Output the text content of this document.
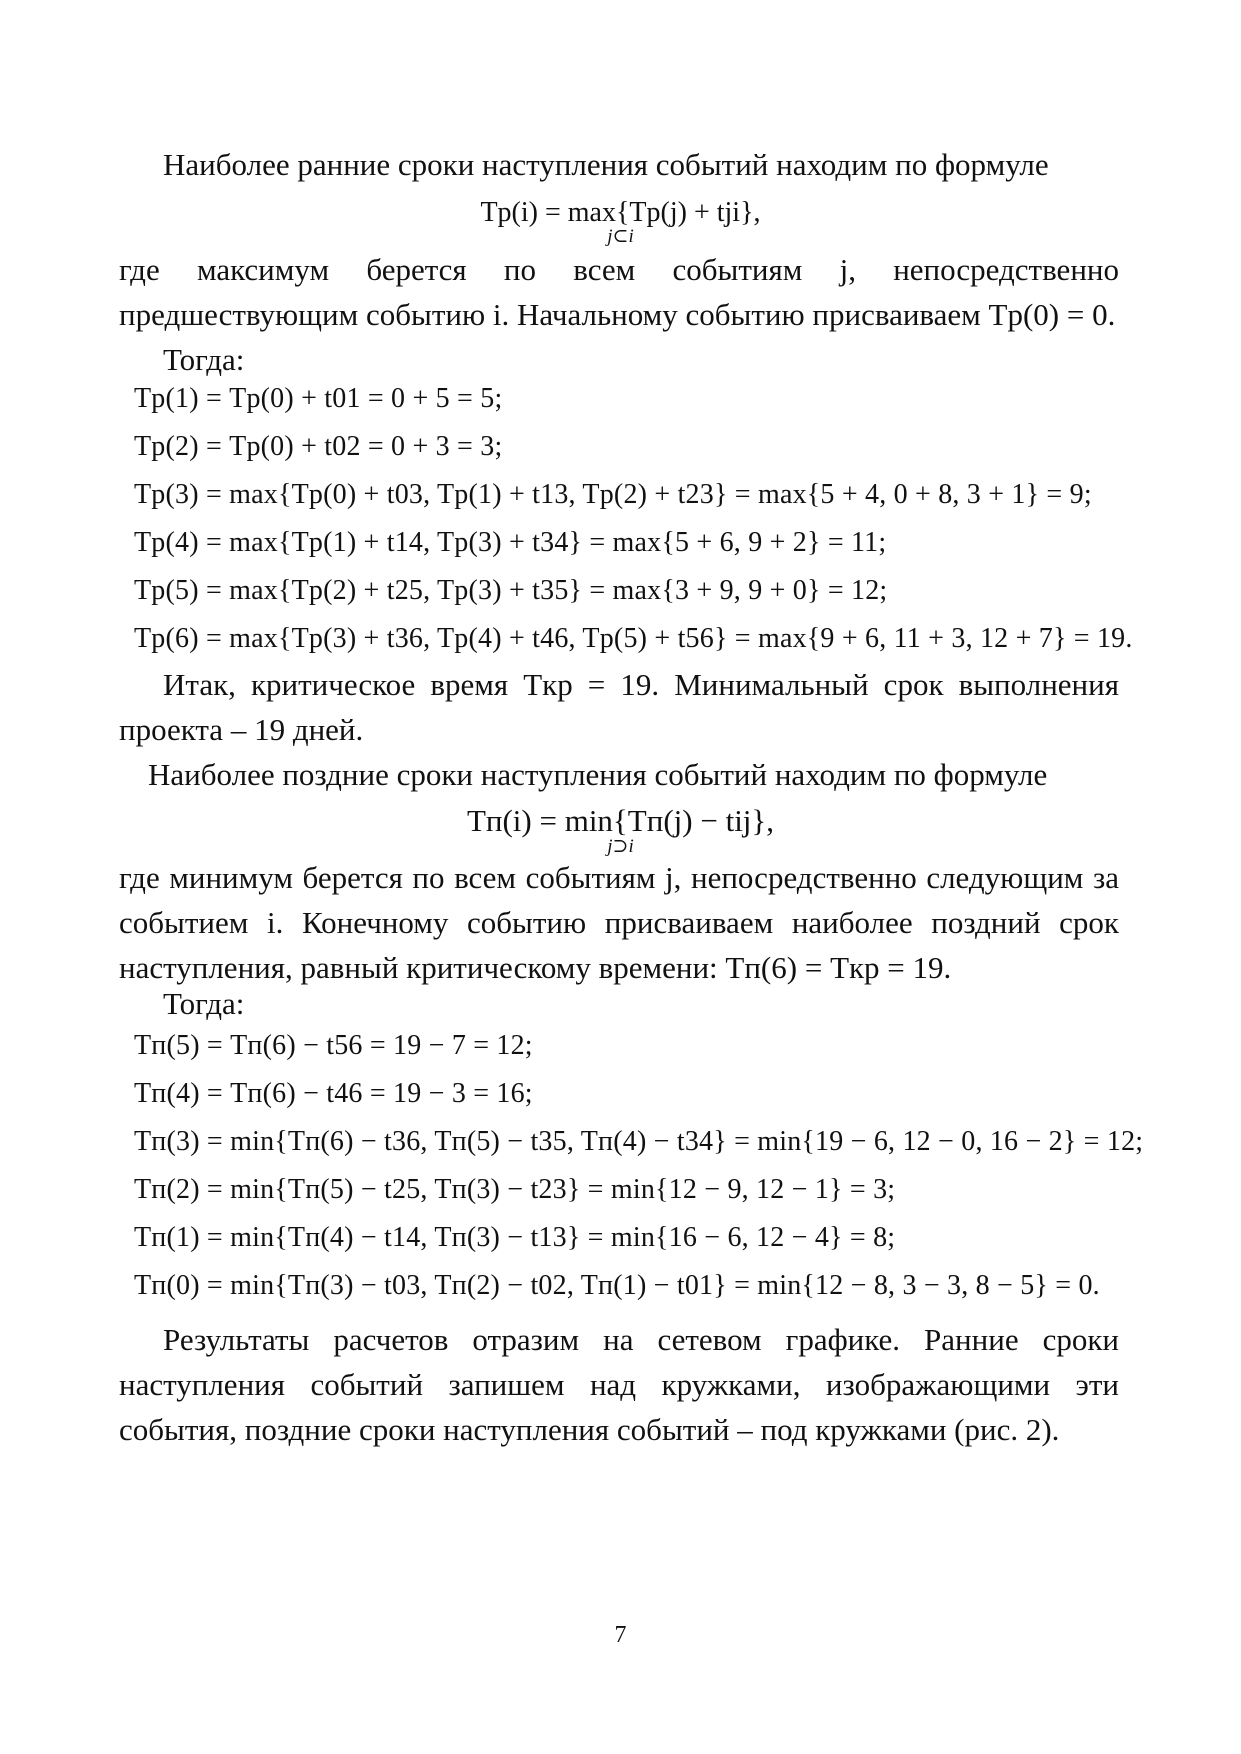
Наиболее ранние сроки наступления событий находим по формуле
Tр(i) = max{Tр(j) + tji},
j⊂i
где максимум берется по всем событиям j, непосредственно предшествующим событию i. Начальному событию присваиваем Tр(0) = 0.
Тогда:
Tр(1) = Tр(0) + t01 = 0 + 5 = 5;
Tр(2) = Tр(0) + t02 = 0 + 3 = 3;
Tр(3) = max{Tр(0) + t03, Tр(1) + t13, Tр(2) + t23} = max{5 + 4, 0 + 8, 3 + 1} = 9;
Tр(4) = max{Tр(1) + t14, Tр(3) + t34} = max{5 + 6, 9 + 2} = 11;
Tр(5) = max{Tр(2) + t25, Tр(3) + t35} = max{3 + 9, 9 + 0} = 12;
Tр(6) = max{Tр(3) + t36, Tр(4) + t46, Tр(5) + t56} = max{9 + 6, 11 + 3, 12 + 7} = 19.
Итак, критическое время Tкр = 19. Минимальный срок выполнения проекта – 19 дней.
Наиболее поздние сроки наступления событий находим по формуле
Tп(i) = min{Tп(j) − tij},
j⊃i
где минимум берется по всем событиям j, непосредственно следующим за событием i. Конечному событию присваиваем наиболее поздний срок наступления, равный критическому времени: Tп(6) = Tкр = 19.
Тогда:
Tп(5) = Tп(6) − t56 = 19 − 7 = 12;
Tп(4) = Tп(6) − t46 = 19 − 3 = 16;
Tп(3) = min{Tп(6) − t36, Tп(5) − t35, Tп(4) − t34} = min{19 − 6, 12 − 0, 16 − 2} = 12;
Tп(2) = min{Tп(5) − t25, Tп(3) − t23} = min{12 − 9, 12 − 1} = 3;
Tп(1) = min{Tп(4) − t14, Tп(3) − t13} = min{16 − 6, 12 − 4} = 8;
Tп(0) = min{Tп(3) − t03, Tп(2) − t02, Tп(1) − t01} = min{12 − 8, 3 − 3, 8 − 5} = 0.
Результаты расчетов отразим на сетевом графике. Ранние сроки наступления событий запишем над кружками, изображающими эти события, поздние сроки наступления событий – под кружками (рис. 2).
7
